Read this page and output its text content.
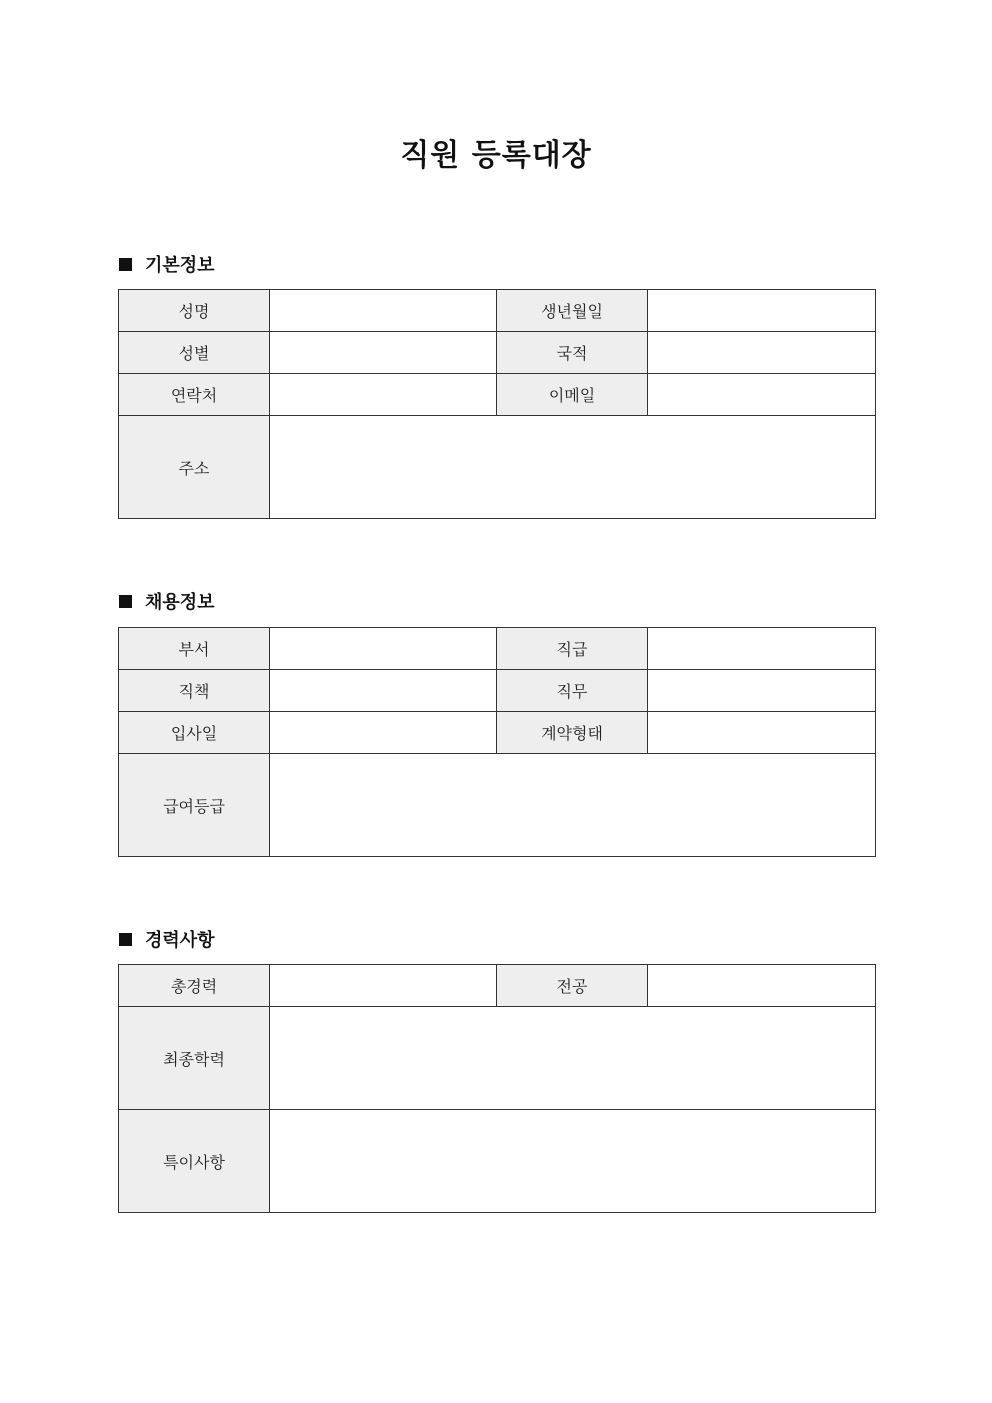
직원 등록대장
기본정보
성명		생년월일	
성별		국적	
연락처		이메일	
주소			
채용정보
부서		직급	
직책		직무	
입사일		계약형태	
급여등급			
경력사항
총경력		전공	
최종학력			
특이사항			
